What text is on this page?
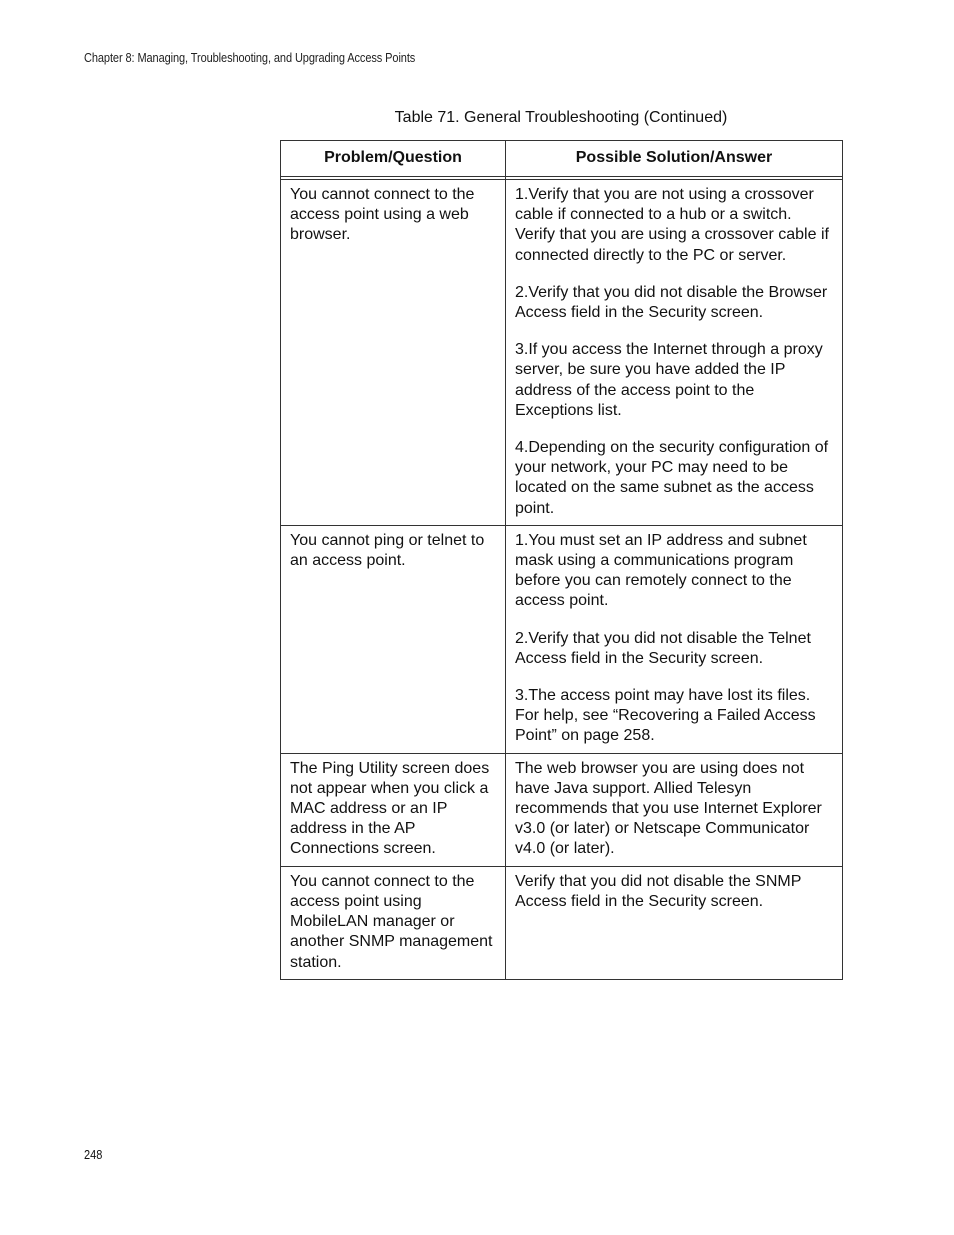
Chapter 8: Managing, Troubleshooting, and Upgrading Access Points
Table 71. General Troubleshooting (Continued)
Problem/Question	Possible Solution/Answer

You cannot connect to the access point using a web browser.	1.Verify that you are not using a crossover cable if connected to a hub or a switch. Verify that you are using a crossover cable if connected directly to the PC or server.

2.Verify that you did not disable the Browser Access field in the Security screen.

3.If you access the Internet through a proxy server, be sure you have added the IP address of the access point to the Exceptions list.

4.Depending on the security configuration of your network, your PC may need to be located on the same subnet as the access point.

You cannot ping or telnet to an access point.	1.You must set an IP address and subnet mask using a communications program before you can remotely connect to the access point.

2.Verify that you did not disable the Telnet Access field in the Security screen.

3.The access point may have lost its files. For help, see “Recovering a Failed Access Point” on page 258.

The Ping Utility screen does not appear when you click a MAC address or an IP address in the AP Connections screen.	The web browser you are using does not have Java support. Allied Telesyn recommends that you use Internet Explorer v3.0 (or later) or Netscape Communicator v4.0 (or later).

You cannot connect to the access point using MobileLAN manager or another SNMP management station.	Verify that you did not disable the SNMP Access field in the Security screen.

248
